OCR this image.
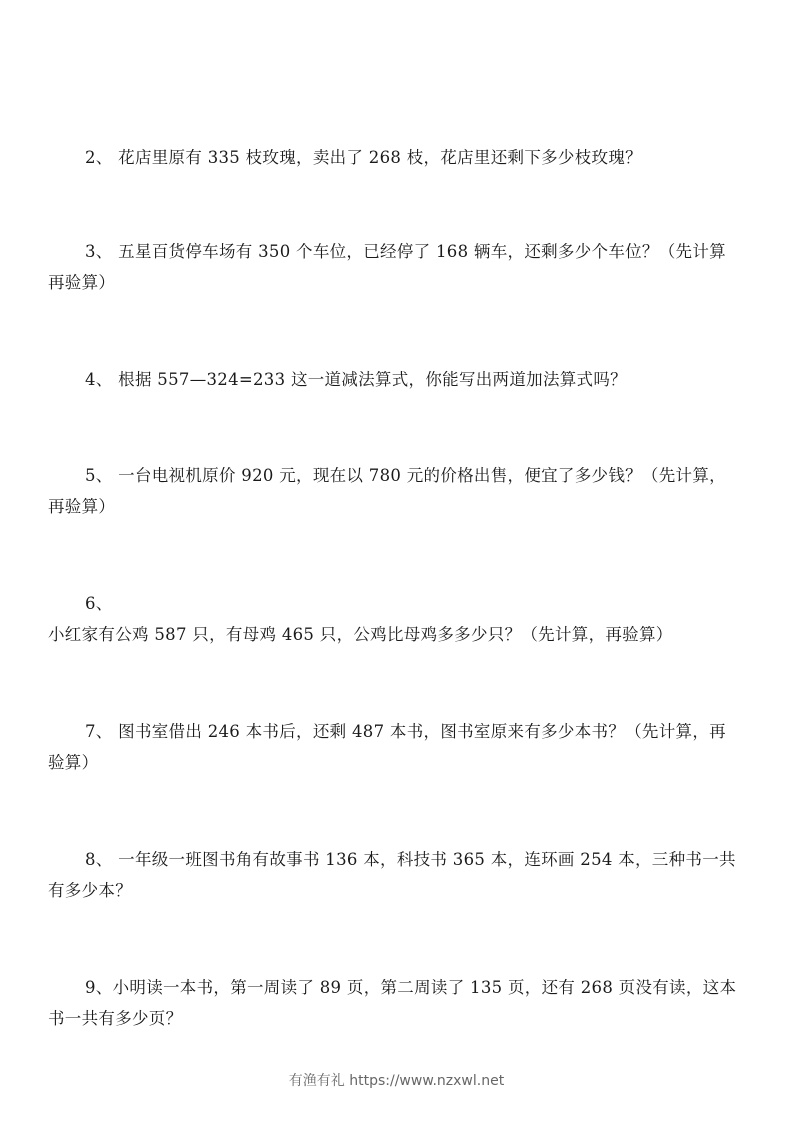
2、 花店里原有 335 枝玫瑰，卖出了 268 枝，花店里还剩下多少枝玫瑰？

3、 五星百货停车场有 350 个车位，已经停了 168 辆车，还剩多少个车位？（先计算再验算）

4、 根据 557—324=233 这一道减法算式，你能写出两道加法算式吗？

5、 一台电视机原价 920 元，现在以 780 元的价格出售，便宜了多少钱？（先计算，再验算）

6、 小红家有公鸡 587 只，有母鸡 465 只，公鸡比母鸡多多少只？（先计算，再验算）

7、 图书室借出 246 本书后，还剩 487 本书，图书室原来有多少本书？（先计算，再验算）

8、 一年级一班图书角有故事书 136 本，科技书 365 本，连环画 254 本，三种书一共有多少本？

9、小明读一本书，第一周读了 89 页，第二周读了 135 页，还有 268 页没有读，这本书一共有多少页？

有渔有礼 https://www.nzxwl.net
